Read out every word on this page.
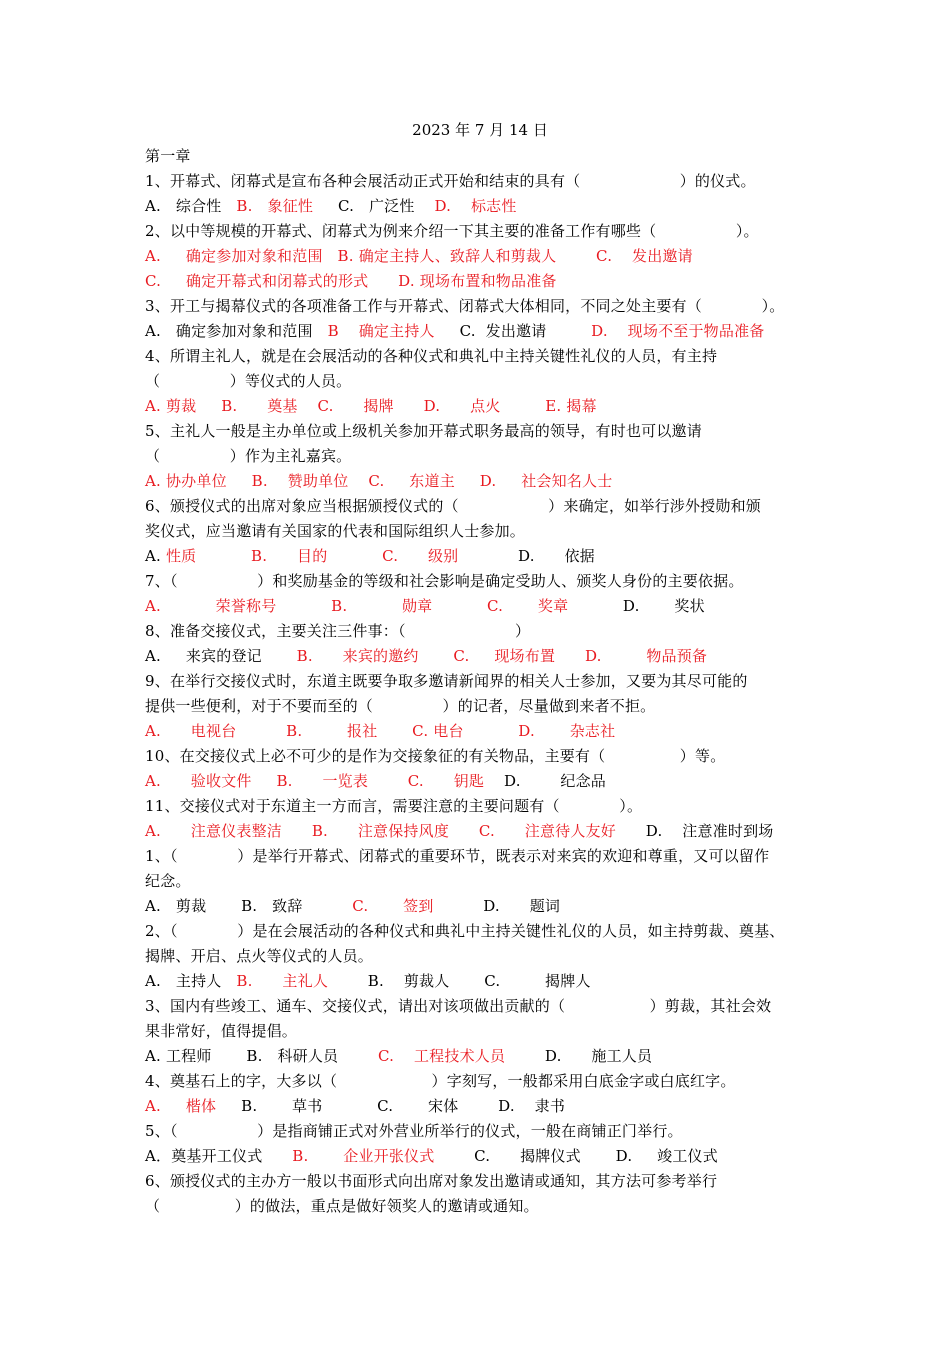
2023 年 7 月 14 日
第一章
1、开幕式、闭幕式是宣布各种会展活动正式开始和结束的具有（                    ）的仪式。
A.   综合性   B.   象征性     C.   广泛性    D.    标志性
2、以中等规模的开幕式、闭幕式为例来介绍一下其主要的准备工作有哪些（                ）。
A.     确定参加对象和范围   B. 确定主持人、致辞人和剪裁人        C.    发出邀请
C.     确定开幕式和闭幕式的形式      D. 现场布置和物品准备
3、开工与揭幕仪式的各项准备工作与开幕式、闭幕式大体相同，不同之处主要有（            ）。
A.   确定参加对象和范围   B    确定主持人     C.  发出邀请         D.    现场不至于物品准备
4、所谓主礼人，就是在会展活动的各种仪式和典礼中主持关键性礼仪的人员，有主持
（              ）等仪式的人员。
A. 剪裁     B.      奠基    C.      揭牌      D.      点火         E. 揭幕
5、主礼人一般是主办单位或上级机关参加开幕式职务最高的领导，有时也可以邀请
（              ）作为主礼嘉宾。
A. 协办单位     B.    赞助单位    C.     东道主     D.     社会知名人士
6、颁授仪式的出席对象应当根据颁授仪式的（                  ）来确定，如举行涉外授勋和颁
奖仪式，应当邀请有关国家的代表和国际组织人士参加。
A. 性质           B.      目的           C.      级别            D.      依据
7、（                ）和奖励基金的等级和社会影响是确定受助人、颁奖人身份的主要依据。
A.           荣誉称号           B.           勋章           C.       奖章           D.       奖状
8、准备交接仪式，主要关注三件事：（                      ）
A.     来宾的登记       B.      来宾的邀约       C.     现场布置      D.         物品预备
9、在举行交接仪式时，东道主既要争取多邀请新闻界的相关人士参加，又要为其尽可能的
提供一些便利，对于不要而至的（              ）的记者，尽量做到来者不拒。
A.      电视台          B.         报社       C. 电台           D.       杂志社
10、在交接仪式上必不可少的是作为交接象征的有关物品，主要有（               ）等。
A.      验收文件     B.      一览表        C.      钥匙    D.        纪念品
11、交接仪式对于东道主一方而言，需要注意的主要问题有（            ）。
A.      注意仪表整洁      B.      注意保持风度      C.      注意待人友好      D.    注意准时到场
1、（            ）是举行开幕式、闭幕式的重要环节，既表示对来宾的欢迎和尊重，又可以留作
纪念。
A.   剪裁       B.   致辞          C.       签到          D.      题词
2、（            ）是在会展活动的各种仪式和典礼中主持关键性礼仪的人员，如主持剪裁、奠基、
揭牌、开启、点火等仪式的人员。
A.   主持人   B.      主礼人        B.    剪裁人       C.         揭牌人
3、国内有些竣工、通车、交接仪式，请出对该项做出贡献的（                 ）剪裁，其社会效
果非常好，值得提倡。
A. 工程师       B.   科研人员        C.    工程技术人员        D.      施工人员
4、奠基石上的字，大多以（                   ）字刻写，一般都采用白底金字或白底红字。
A.     楷体     B.       草书           C.       宋体        D.    隶书
5、（                ）是指商铺正式对外营业所举行的仪式，一般在商铺正门举行。
A．奠基开工仪式      B.       企业开张仪式        C.      揭牌仪式       D.     竣工仪式
6、颁授仪式的主办方一般以书面形式向出席对象发出邀请或通知，其方法可参考举行
（               ）的做法，重点是做好领奖人的邀请或通知。
